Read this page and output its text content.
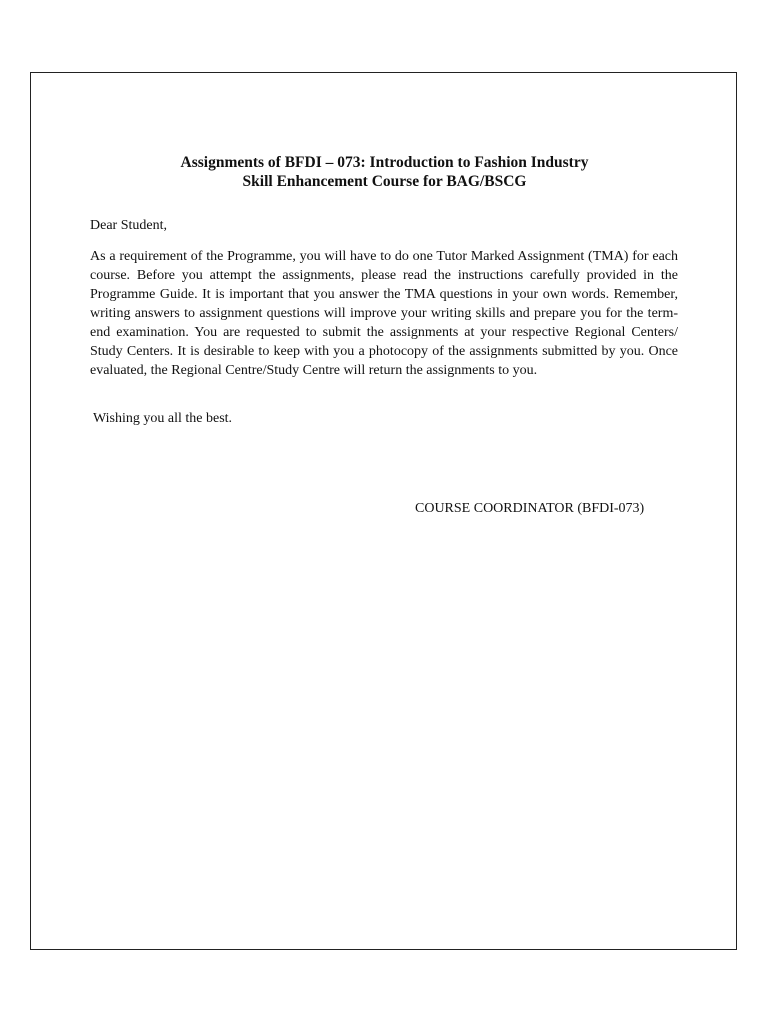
Assignments of BFDI – 073: Introduction to Fashion Industry
Skill Enhancement Course for BAG/BSCG
Dear Student,
As a requirement of the Programme, you will have to do one Tutor Marked Assignment (TMA) for each course. Before you attempt the assignments, please read the instructions carefully provided in the Programme Guide. It is important that you answer the TMA questions in your own words. Remember, writing answers to assignment questions will improve your writing skills and prepare you for the term-end examination. You are requested to submit the assignments at your respective Regional Centers/ Study Centers. It is desirable to keep with you a photocopy of the assignments submitted by you. Once evaluated, the Regional Centre/Study Centre will return the assignments to you.
Wishing you all the best.
COURSE COORDINATOR (BFDI-073)
